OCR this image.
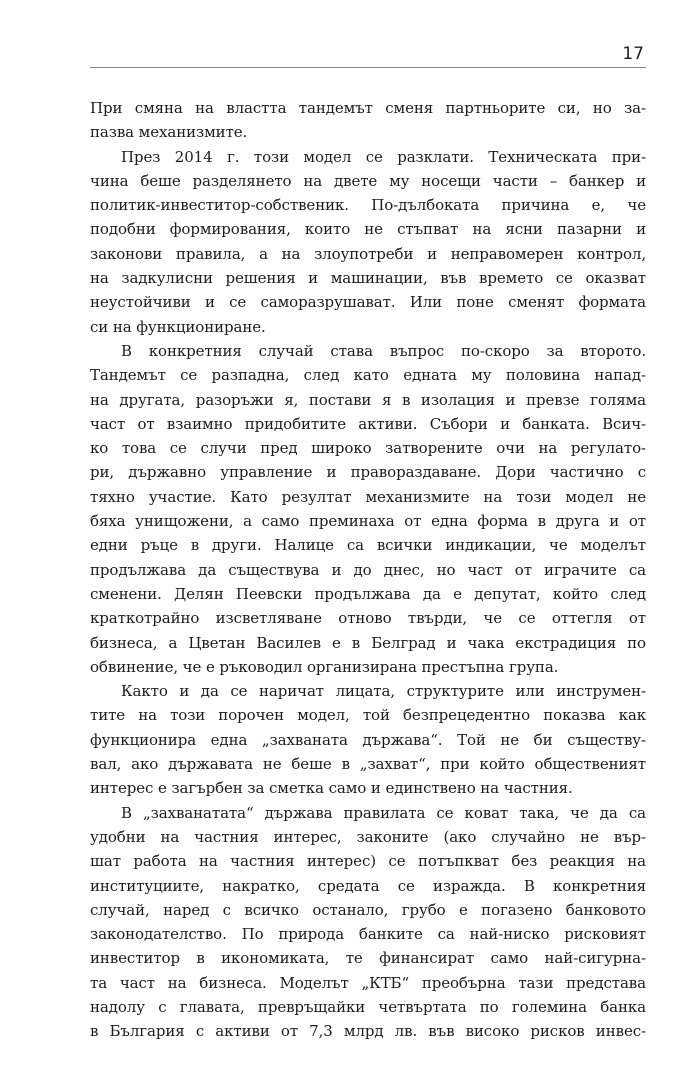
17
При смяна на властта тандемът сменя партньорите си, но за-
пазва механизмите.
През 2014 г. този модел се разклати. Техническата при-
чина беше разделянето на двете му носещи части – банкер и
политик-инвеститор-собственик. По-дълбоката причина е, че
подобни формирования, които не стъпват на ясни пазарни и
законови правила, а на злоупотреби и неправомерен контрол,
на задкулисни решения и машинации, във времето се оказват
неустойчиви и се саморазрушават. Или поне сменят формата
си на функциониране.
В конкретния случай става въпрос по-скоро за второто.
Тандемът се разпадна, след като едната му половина напад-
на другата, разоръжи я, постави я в изолация и превзе голяма
част от взаимно придобитите активи. Събори и банката. Всич-
ко това се случи пред широко затворените очи на регулато-
ри, държавно управление и правораздаване. Дори частично с
тяхно участие. Като резултат механизмите на този модел не
бяха унищожени, а само преминаха от една форма в друга и от
едни ръце в други. Налице са всички индикации, че моделът
продължава да съществува и до днес, но част от играчите са
сменени. Делян Пеевски продължава да е депутат, който след
краткотрайно изсветляване отново твърди, че се оттегля от
бизнеса, а Цветан Василев е в Белград и чака екстрадиция по
обвинение, че е ръководил организирана престъпна група.
Както и да се наричат лицата, структурите или инструмен-
тите на този порочен модел, той безпрецедентно показва как
функционира една „захваната държава“. Той не би съществу-
вал, ако държавата не беше в „захват“, при който общественият
интерес е загърбен за сметка само и единствено на частния.
В „захванатата“ държава правилата се коват така, че да са
удобни на частния интерес, законите (ако случайно не вър-
шат работа на частния интерес) се потъпкват без реакция на
институциите, накратко, средата се изражда. В конкретния
случай, наред с всичко останало, грубо е погазено банковото
законодателство. По природа банките са най-ниско рисковият
инвеститор в икономиката, те финансират само най-сигурна-
та част на бизнеса. Моделът „КТБ“ преобърна тази представа
надолу с главата, превръщайки четвъртата по големина банка
в България с активи от 7,3 млрд лв. във високо рисков инвес-
